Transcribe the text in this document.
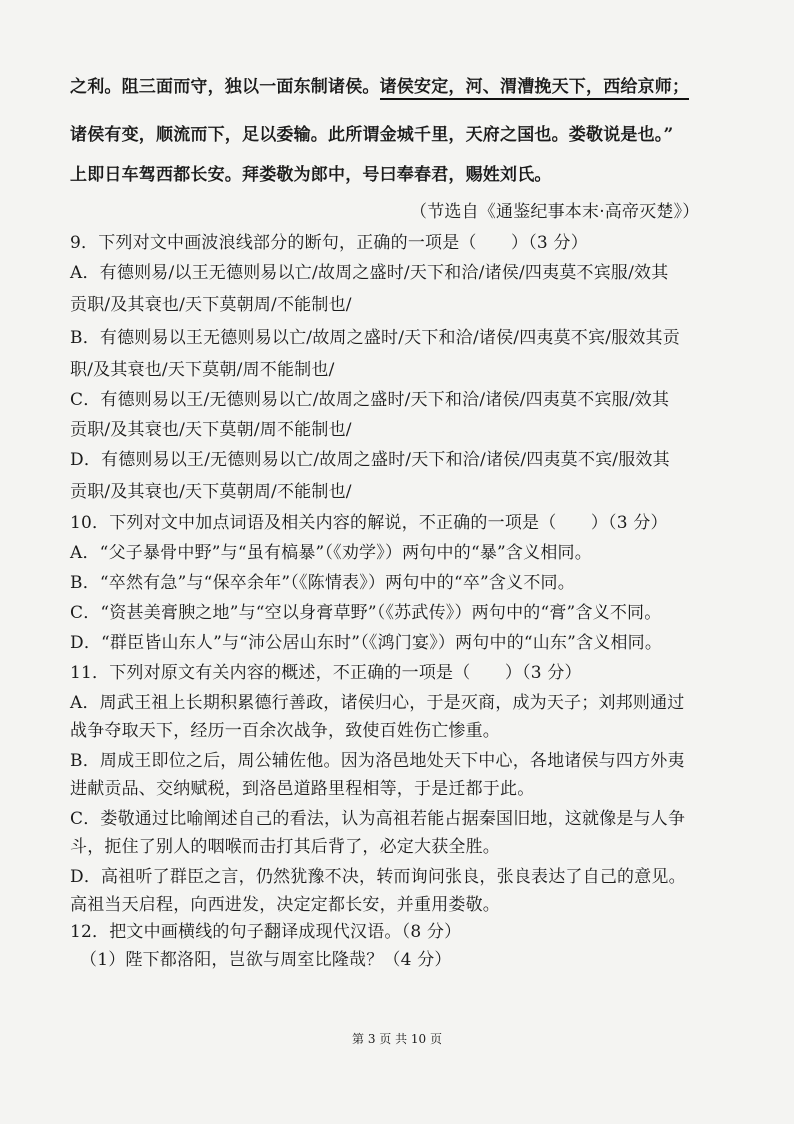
之利。阻三面而守，独以一面东制诸侯。诸侯安定，河、渭漕挽天下，西给京师；
诸侯有变，顺流而下，足以委输。此所谓金城千里，天府之国也。娄敬说是也。”
上即日车驾西都长安。拜娄敬为郎中，号曰奉春君，赐姓刘氏。
（节选自《通鉴纪事本末·高帝灭楚》）
9．下列对文中画波浪线部分的断句，正确的一项是（　　）（3 分）
A．有德则易/以王无德则易以亡/故周之盛时/天下和洽/诸侯/四夷莫不宾服/效其
贡职/及其衰也/天下莫朝周/不能制也/
B．有德则易以王无德则易以亡/故周之盛时/天下和洽/诸侯/四夷莫不宾/服效其贡
职/及其衰也/天下莫朝/周不能制也/
C．有德则易以王/无德则易以亡/故周之盛时/天下和洽/诸侯/四夷莫不宾服/效其
贡职/及其衰也/天下莫朝/周不能制也/
D．有德则易以王/无德则易以亡/故周之盛时/天下和洽/诸侯/四夷莫不宾/服效其
贡职/及其衰也/天下莫朝周/不能制也/
10．下列对文中加点词语及相关内容的解说，不正确的一项是（　　）（3 分）
A．“父子暴骨中野”与“虽有槁暴”（《劝学》）两句中的“暴”含义相同。
B．“卒然有急”与“保卒余年”（《陈情表》）两句中的“卒”含义不同。
C．“资甚美膏腴之地”与“空以身膏草野”（《苏武传》）两句中的“膏”含义不同。
D．“群臣皆山东人”与“沛公居山东时”（《鸿门宴》）两句中的“山东”含义相同。
11．下列对原文有关内容的概述，不正确的一项是（　　）（3 分）
A．周武王祖上长期积累德行善政，诸侯归心，于是灭商，成为天子；刘邦则通过
战争夺取天下，经历一百余次战争，致使百姓伤亡惨重。
B．周成王即位之后，周公辅佐他。因为洛邑地处天下中心，各地诸侯与四方外夷
进献贡品、交纳赋税，到洛邑道路里程相等，于是迁都于此。
C．娄敬通过比喻阐述自己的看法，认为高祖若能占据秦国旧地，这就像是与人争
斗，扼住了别人的咽喉而击打其后背了，必定大获全胜。
D．高祖听了群臣之言，仍然犹豫不决，转而询问张良，张良表达了自己的意见。
高祖当天启程，向西进发，决定定都长安，并重用娄敬。
12．把文中画横线的句子翻译成现代汉语。（8 分）
（1）陛下都洛阳，岂欲与周室比隆哉？（4 分）
第 3 页 共 10 页
